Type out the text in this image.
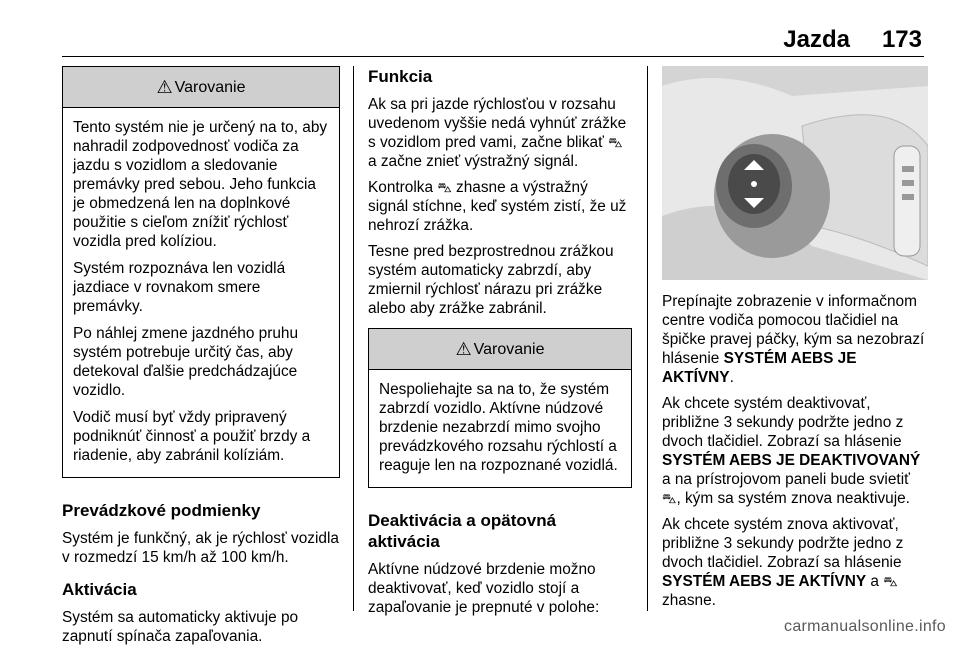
Jazda 173
⚠ Varovanie

Tento systém nie je určený na to, aby nahradil zodpovednosť vodiča za jazdu s vozidlom a sledovanie premávky pred sebou. Jeho funkcia je obmedzená len na doplnkové použitie s cieľom znížiť rýchlosť vozidla pred kolíziou.

Systém rozpoznáva len vozidlá jazdiace v rovnakom smere premávky.

Po náhlej zmene jazdného pruhu systém potrebuje určitý čas, aby detekoval ďalšie predchádzajúce vozidlo.

Vodič musí byť vždy pripravený podniknúť činnosť a použiť brzdy a riadenie, aby zabránil kolíziám.

Prevádzkové podmienky

Systém je funkčný, ak je rýchlosť vozidla v rozmedzí 15 km/h až 100 km/h.

Aktivácia

Systém sa automaticky aktivuje po zapnutí spínača zapaľovania.

Funkcia

Ak sa pri jazde rýchlosťou v rozsahu uvedenom vyššie nedá vyhnúť zrážke s vozidlom pred vami, začne blikať ⛍ a začne znieť výstražný signál.

Kontrolka ⛍ zhasne a výstražný signál stíchne, keď systém zistí, že už nehrozí zrážka.

Tesne pred bezprostrednou zrážkou systém automaticky zabrzdí, aby zmiernil rýchlosť nárazu pri zrážke alebo aby zrážke zabránil.

⚠ Varovanie

Nespoliehajte sa na to, že systém zabrzdí vozidlo. Aktívne núdzové brzdenie nezabrzdí mimo svojho prevádzkového rozsahu rýchlostí a reaguje len na rozpoznané vozidlá.

Deaktivácia a opätovná aktivácia

Aktívne núdzové brzdenie možno deaktivovať, keď vozidlo stojí a zapaľovanie je prepnuté v polohe:

Prepínajte zobrazenie v informačnom centre vodiča pomocou tlačidiel na špičke pravej páčky, kým sa nezobrazí hlásenie SYSTÉM AEBS JE AKTÍVNY.

Ak chcete systém deaktivovať, približne 3 sekundy podržte jedno z dvoch tlačidiel. Zobrazí sa hlásenie SYSTÉM AEBS JE DEAKTIVOVANÝ a na prístrojovom paneli bude svietiť ⛍, kým sa systém znova neaktivuje.

Ak chcete systém znova aktivovať, približne 3 sekundy podržte jedno z dvoch tlačidiel. Zobrazí sa hlásenie SYSTÉM AEBS JE AKTÍVNY a ⛍ zhasne.

carmanualsonline.info
